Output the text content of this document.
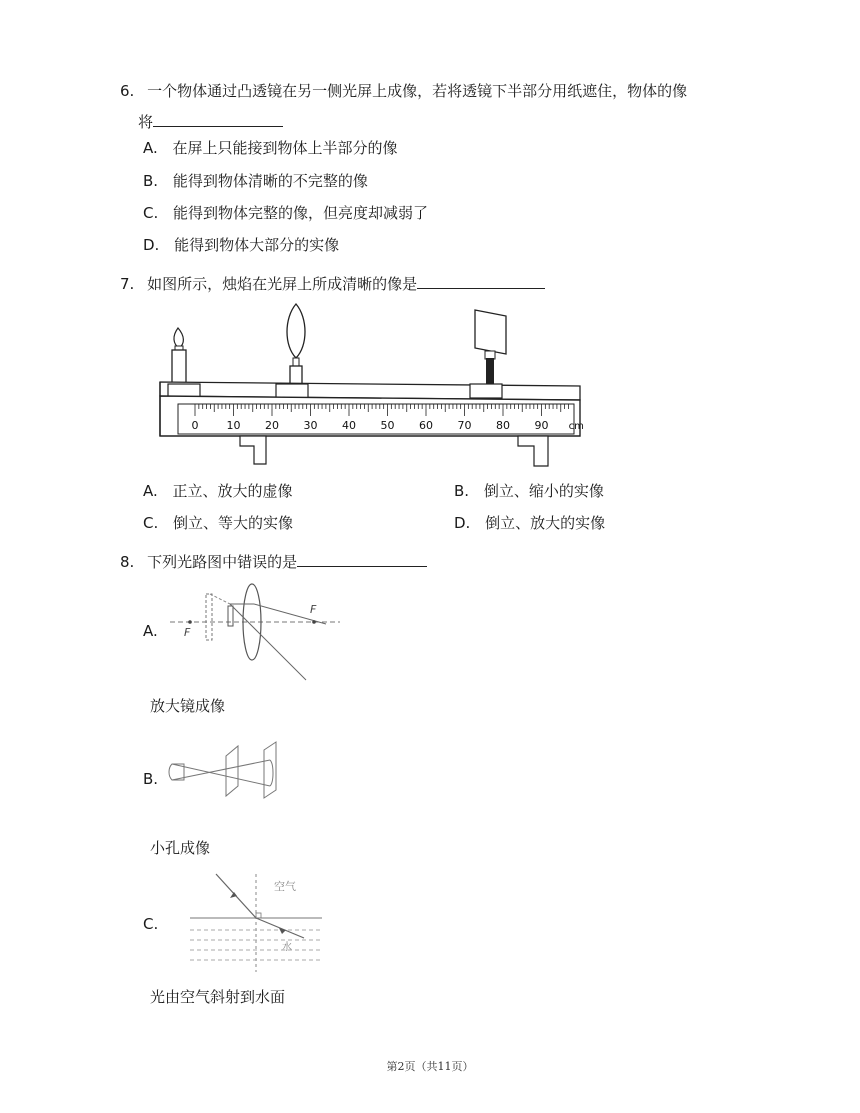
6. 一个物体通过凸透镜在另一侧光屏上成像，若将透镜下半部分用纸遮住，物体的像
将
A. 在屏上只能接到物体上半部分的像
B. 能得到物体清晰的不完整的像
C. 能得到物体完整的像，但亮度却减弱了
D. 能得到物体大部分的实像
7. 如图所示，烛焰在光屏上所成清晰的像是
0	10 20 30 40 50 60 70 80 90 cm
A. 正立、放大的虚像	B. 倒立、缩小的实像
C. 倒立、等大的实像	D. 倒立、放大的实像
8. 下列光路图中错误的是
A. F
F
放大镜成像
B.
小孔成像
C.
空气
水
光由空气斜射到水面
第2页（共11页）
